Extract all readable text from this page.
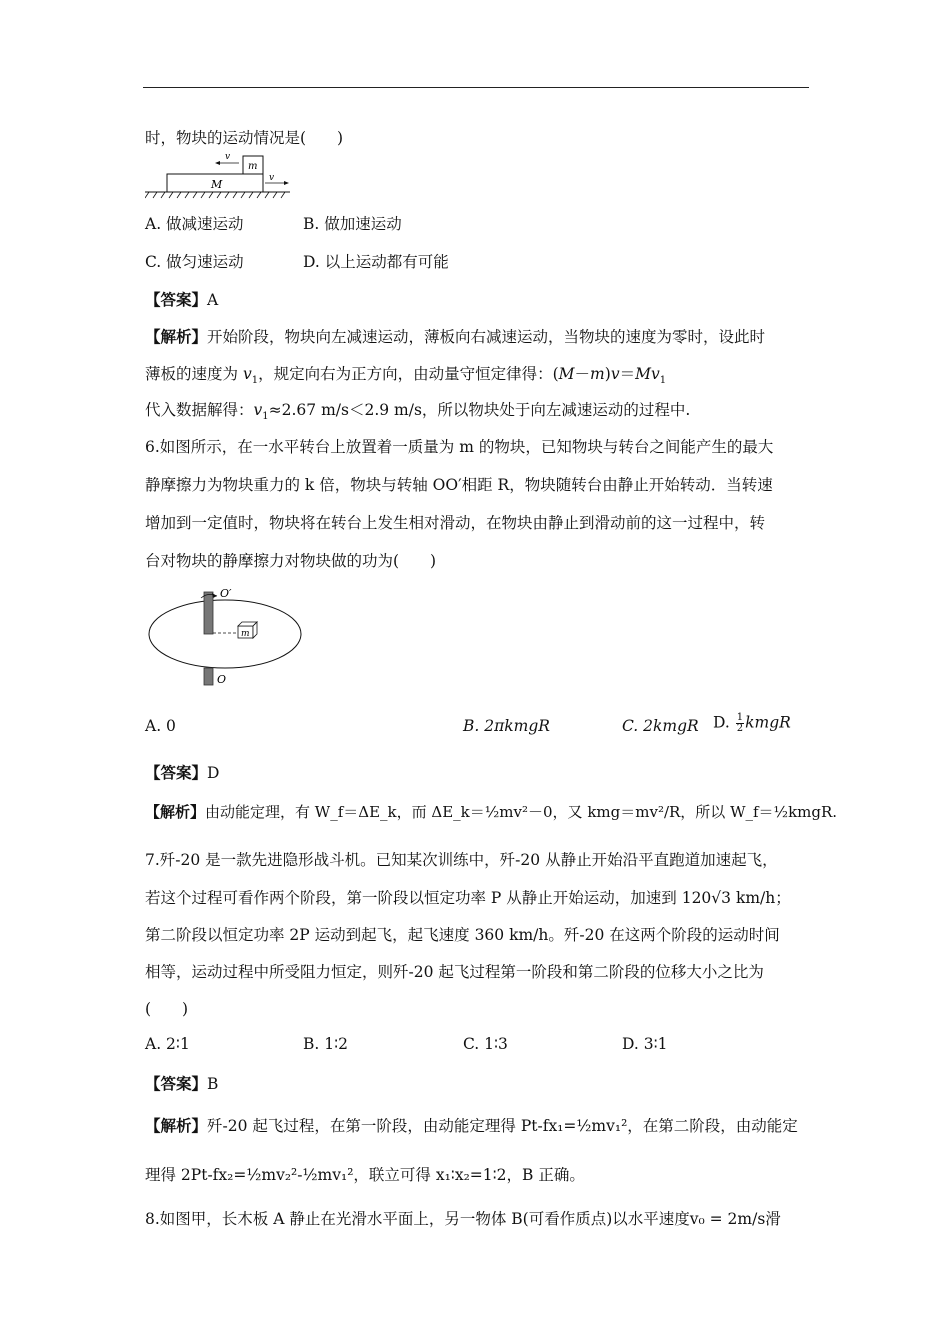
时，物块的运动情况是(　　)
M
m
v
v
A. 做减速运动	B. 做加速运动
C. 做匀速运动	D. 以上运动都有可能
【答案】A
【解析】开始阶段，物块向左减速运动，薄板向右减速运动，当物块的速度为零时，设此时
薄板的速度为 $v_1$，规定向右为正方向，由动量守恒定律得：$(M-m)v=Mv_1$
代入数据解得：$v_1\approx 2.67$ m/s＜2.9 m/s，所以物块处于向左减速运动的过程中.
6.如图所示，在一水平转台上放置着一质量为 m 的物块，已知物块与转台之间能产生的最大
静摩擦力为物块重力的 k 倍，物块与转轴 OO′相距 R，物块随转台由静止开始转动．当转速
增加到一定值时，物块将在转台上发生相对滑动，在物块由静止到滑动前的这一过程中，转
台对物块的静摩擦力对物块做的功为(　　)
O′
O
m
A. 0	B. 2πkmgR	C. 2kmgR D. $\frac{1}{2}$ kmgR
【答案】D
【解析】由动能定理，有 W_f＝ΔE_k，而 ΔE_k＝½mv²－0，又 kmg＝mv²/R，所以 W_f＝½kmgR.
7.歼-20 是一款先进隐形战斗机。已知某次训练中，歼-20 从静止开始沿平直跑道加速起飞，
若这个过程可看作两个阶段，第一阶段以恒定功率 P 从静止开始运动，加速到 120√3 km/h；
第二阶段以恒定功率 2P 运动到起飞，起飞速度 360 km/h。歼-20 在这两个阶段的运动时间
相等，运动过程中所受阻力恒定，则歼-20 起飞过程第一阶段和第二阶段的位移大小之比为
(　　)
A. 2∶1	B. 1∶2	C. 1∶3	D. 3∶1
【答案】B
【解析】歼-20 起飞过程，在第一阶段，由动能定理得 Pt-fx₁=½mv₁²，在第二阶段，由动能定
理得 2Pt-fx₂=½mv₂²-½mv₁²，联立可得 x₁∶x₂=1∶2，B 正确。
8.如图甲，长木板 A 静止在光滑水平面上，另一物体 B(可看作质点)以水平速度v₀ = 2m/s滑
